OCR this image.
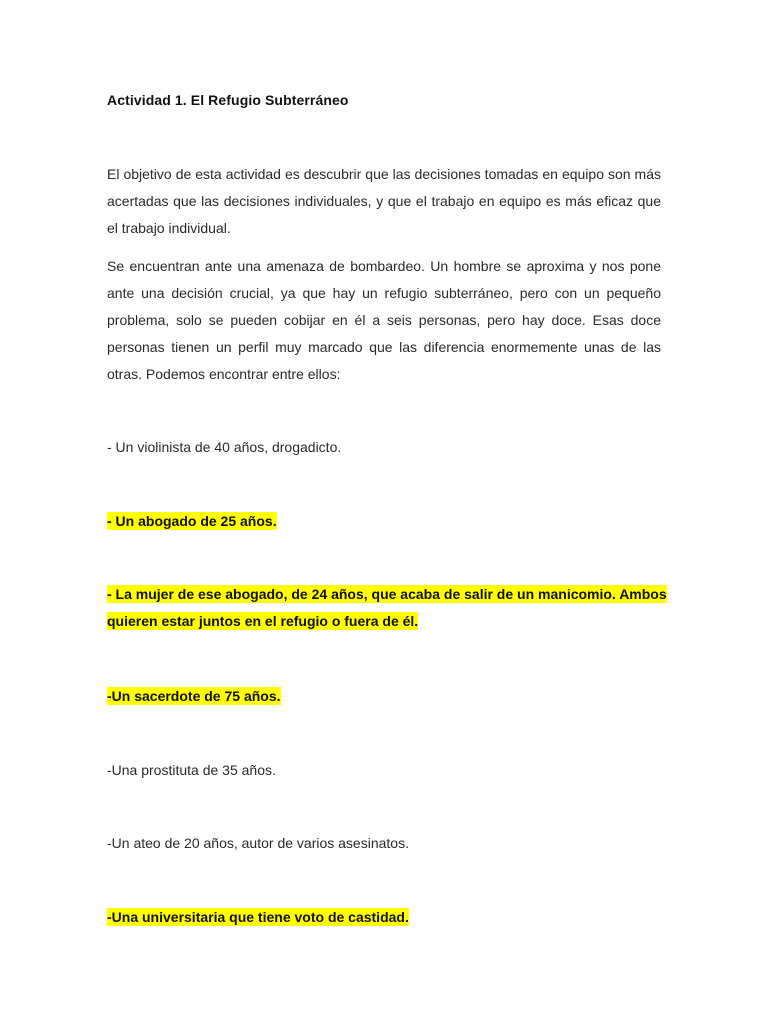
Actividad 1. El Refugio Subterráneo

El objetivo de esta actividad es descubrir que las decisiones tomadas en equipo son más acertadas que las decisiones individuales, y que el trabajo en equipo es más eficaz que el trabajo individual.

Se encuentran ante una amenaza de bombardeo. Un hombre se aproxima y nos pone ante una decisión crucial, ya que hay un refugio subterráneo, pero con un pequeño problema, solo se pueden cobijar en él a seis personas, pero hay doce. Esas doce personas tienen un perfil muy marcado que las diferencia enormemente unas de las otras. Podemos encontrar entre ellos:

- Un violinista de 40 años, drogadicto.

- Un abogado de 25 años.

- La mujer de ese abogado, de 24 años, que acaba de salir de un manicomio. Ambos quieren estar juntos en el refugio o fuera de él.

-Un sacerdote de 75 años.

-Una prostituta de 35 años.

-Un ateo de 20 años, autor de varios asesinatos.

-Una universitaria que tiene voto de castidad.
